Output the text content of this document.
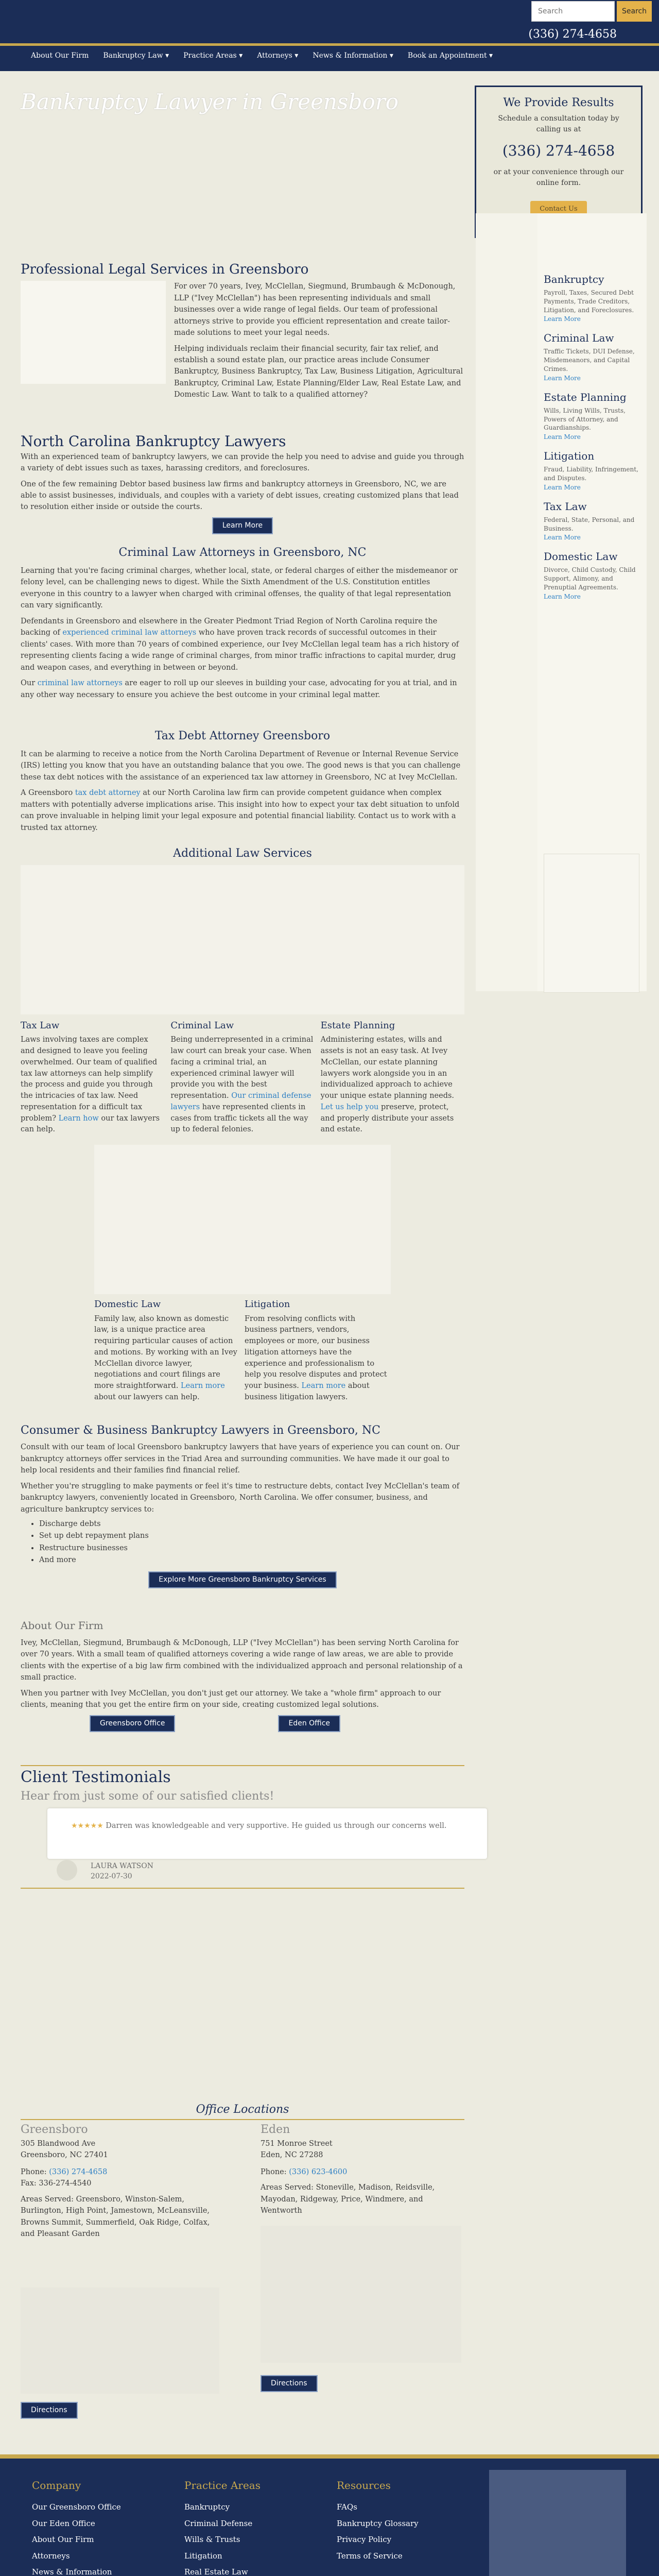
Search
Search
(336) 274-4658
About Our Firm	Bankruptcy Law ▾	Practice Areas ▾	Attorneys ▾	News & Information ▾	Book an Appointment ▾
Bankruptcy Lawyer in Greensboro	We Provide Results
Schedule a consultation today by calling us at
(336) 274-4658
or at your convenience through our online form.
Contact Us
Bankruptcy
Payroll, Taxes, Secured Debt Payments, Trade Creditors, Litigation, and Foreclosures.
Learn More
Criminal Law
Traffic Tickets, DUI Defense, Misdemeanors, and Capital Crimes.
Learn More
Estate Planning
Wills, Living Wills, Trusts, Powers of Attorney, and Guardianships.
Learn More
Litigation
Fraud, Liability, Infringement, and Disputes.
Learn More
Tax Law
Federal, State, Personal, and Business.
Learn More
Domestic Law
Divorce, Child Custody, Child Support, Alimony, and Prenuptial Agreements.
Learn More
Professional Legal Services in Greensboro

For over 70 years, Ivey, McClellan, Siegmund, Brumbaugh & McDonough, LLP ("Ivey McClellan") has been representing individuals and small businesses over a wide range of legal fields. Our team of professional attorneys strive to provide you efficient representation and create tailor-made solutions to meet your legal needs.

Helping individuals reclaim their financial security, fair tax relief, and establish a sound estate plan, our practice areas include Consumer Bankruptcy, Business Bankruptcy, Tax Law, Business Litigation, Agricultural Bankruptcy, Criminal Law, Estate Planning/Elder Law, Real Estate Law, and Domestic Law. Want to talk to a qualified attorney?

North Carolina Bankruptcy Lawyers

With an experienced team of bankruptcy lawyers, we can provide the help you need to advise and guide you through a variety of debt issues such as taxes, harassing creditors, and foreclosures.

One of the few remaining Debtor based business law firms and bankruptcy attorneys in Greensboro, NC, we are able to assist businesses, individuals, and couples with a variety of debt issues, creating customized plans that lead to resolution either inside or outside the courts.

Learn More
Criminal Law Attorneys in Greensboro, NC

Learning that you're facing criminal charges, whether local, state, or federal charges of either the misdemeanor or felony level, can be challenging news to digest. While the Sixth Amendment of the U.S. Constitution entitles everyone in this country to a lawyer when charged with criminal offenses, the quality of that legal representation can vary significantly.

Defendants in Greensboro and elsewhere in the Greater Piedmont Triad Region of North Carolina require the backing of experienced criminal law attorneys who have proven track records of successful outcomes in their clients' cases. With more than 70 years of combined experience, our Ivey McClellan legal team has a rich history of representing clients facing a wide range of criminal charges, from minor traffic infractions to capital murder, drug and weapon cases, and everything in between or beyond.

Our criminal law attorneys are eager to roll up our sleeves in building your case, advocating for you at trial, and in any other way necessary to ensure you achieve the best outcome in your criminal legal matter.

Tax Debt Attorney Greensboro

It can be alarming to receive a notice from the North Carolina Department of Revenue or Internal Revenue Service (IRS) letting you know that you have an outstanding balance that you owe. The good news is that you can challenge these tax debt notices with the assistance of an experienced tax law attorney in Greensboro, NC at Ivey McClellan.

A Greensboro tax debt attorney at our North Carolina law firm can provide competent guidance when complex matters with potentially adverse implications arise. This insight into how to expect your tax debt situation to unfold can prove invaluable in helping limit your legal exposure and potential financial liability. Contact us to work with a trusted tax attorney.

Additional Law Services
Tax Law

Laws involving taxes are complex and designed to leave you feeling overwhelmed. Our team of qualified tax law attorneys can help simplify the process and guide you through the intricacies of tax law. Need representation for a difficult tax problem? Learn how our tax lawyers can help.

Criminal Law

Being underrepresented in a criminal law court can break your case. When facing a criminal trial, an experienced criminal lawyer will provide you with the best representation. Our criminal defense lawyers have represented clients in cases from traffic tickets all the way up to federal felonies.

Estate Planning

Administering estates, wills and assets is not an easy task. At Ivey McClellan, our estate planning lawyers work alongside you in an individualized approach to achieve your unique estate planning needs. Let us help you preserve, protect, and properly distribute your assets and estate.

Domestic Law

Family law, also known as domestic law, is a unique practice area requiring particular causes of action and motions. By working with an Ivey McClellan divorce lawyer, negotiations and court filings are more straightforward. Learn more about our lawyers can help.

Litigation

From resolving conflicts with business partners, vendors, employees or more, our business litigation attorneys have the experience and professionalism to help you resolve disputes and protect your business. Learn more about business litigation lawyers.

Consumer & Business Bankruptcy Lawyers in Greensboro, NC

Consult with our team of local Greensboro bankruptcy lawyers that have years of experience you can count on. Our bankruptcy attorneys offer services in the Triad Area and surrounding communities. We have made it our goal to help local residents and their families find financial relief.

Whether you're struggling to make payments or feel it's time to restructure debts, contact Ivey McClellan's team of bankruptcy lawyers, conveniently located in Greensboro, North Carolina. We offer consumer, business, and agriculture bankruptcy services to:

• Discharge debts
• Set up debt repayment plans
• Restructure businesses
• And more
Explore More Greensboro Bankruptcy Services
About Our Firm

Ivey, McClellan, Siegmund, Brumbaugh & McDonough, LLP ("Ivey McClellan") has been serving North Carolina for over 70 years. With a small team of qualified attorneys covering a wide range of law areas, we are able to provide clients with the expertise of a big law firm combined with the individualized approach and personal relationship of a small practice.

When you partner with Ivey McClellan, you don't just get our attorney. We take a "whole firm" approach to our clients, meaning that you get the entire firm on your side, creating customized legal solutions.

Greensboro Office	Eden Office
Client Testimonials
Hear from just some of our satisfied clients!
★★★★★ Darren was knowledgeable and very supportive. He guided us through our concerns well.
LAURA WATSON
2022-07-30
Office Locations
Greensboro
305 Blandwood Ave
Greensboro, NC 27401
Phone: (336) 274-4658
Fax: 336-274-4540
Areas Served: Greensboro, Winston-Salem, Burlington, High Point, Jamestown, McLeansville, Browns Summit, Summerfield, Oak Ridge, Colfax, and Pleasant Garden
Eden
751 Monroe Street
Eden, NC 27288
Phone: (336) 623-4600
Areas Served: Stoneville, Madison, Reidsville, Mayodan, Ridgeway, Price, Windmere, and Wentworth
Directions
Directions
Company
Our Greensboro Office
Our Eden Office
About Our Firm
Attorneys
News & Information
Practice Areas
Bankruptcy
Criminal Defense
Wills & Trusts
Litigation
Real Estate Law
Resources
FAQs
Bankruptcy Glossary
Privacy Policy
Terms of Service
